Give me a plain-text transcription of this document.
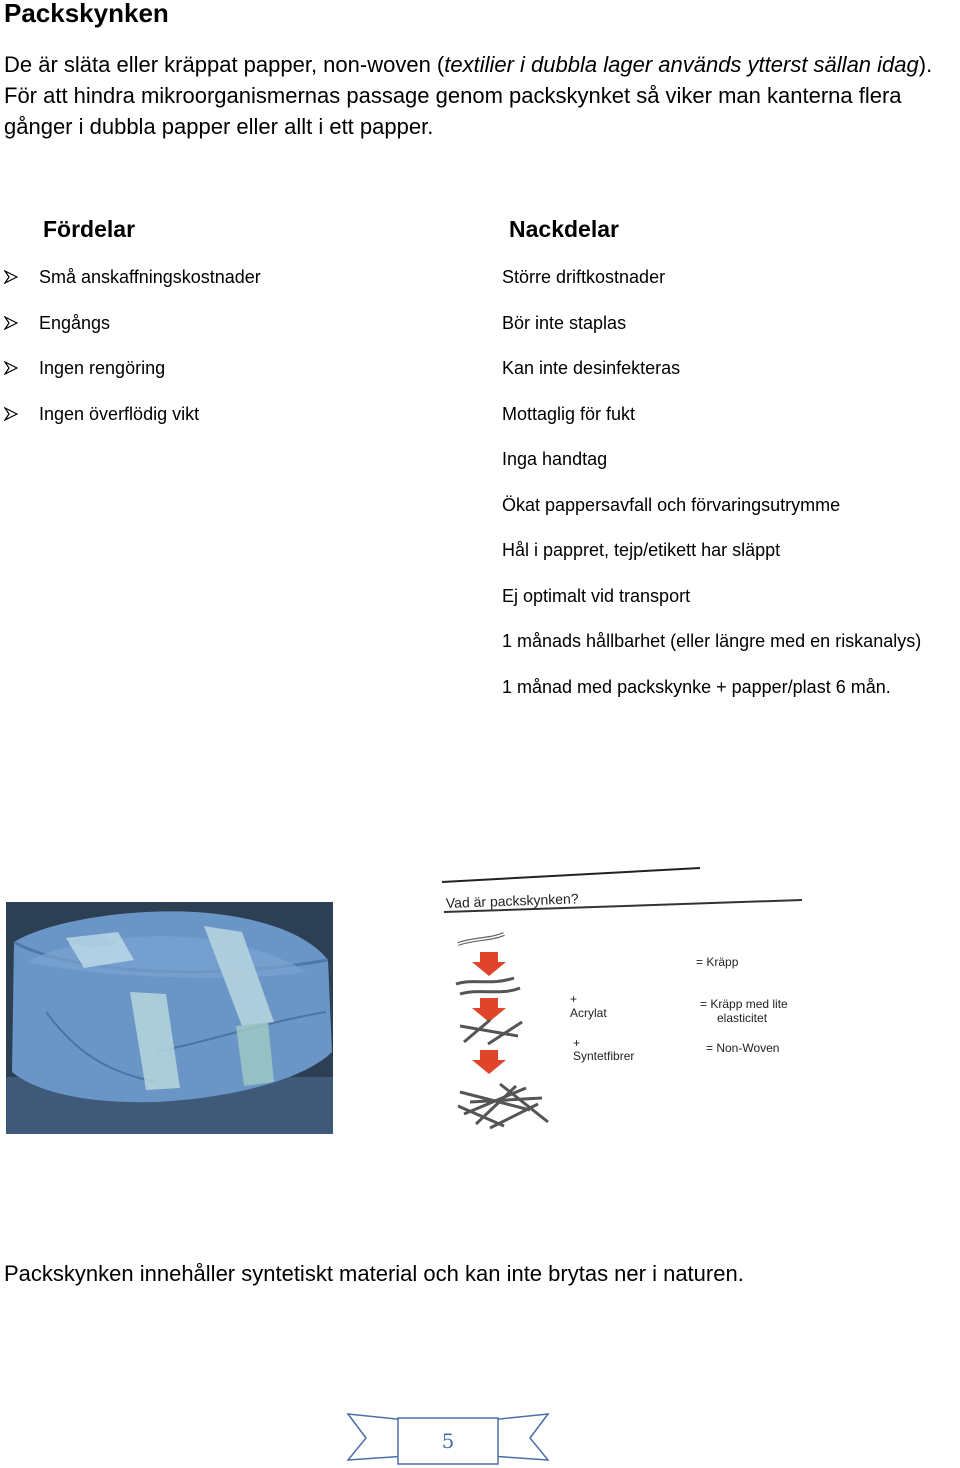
Packskynken

De är släta eller kräppat papper, non-woven (textilier i dubbla lager används ytterst sällan idag). För att hindra mikroorganismernas passage genom packskynket så viker man kanterna flera gånger i dubbla papper eller allt i ett papper.

Fördelar	Nackdelar
Små anskaffningskostnader
Engångs
Ingen rengöring
Ingen överflödig vikt
Större driftkostnader
Bör inte staplas
Kan inte desinfekteras
Mottaglig för fukt
Inga handtag
Ökat pappersavfall och förvaringsutrymme
Hål i pappret, tejp/etikett har släppt
Ej optimalt vid transport
1 månads hållbarhet (eller längre med en riskanalys)
1 månad med packskynke + papper/plast 6 mån.
Vad är packskynken?
+
Acrylat
+
Syntetfibrer
= Kräpp
= Kräpp med lite
elasticitet
= Non-Woven

Packskynken innehåller syntetiskt material och kan inte brytas ner i naturen.

5
